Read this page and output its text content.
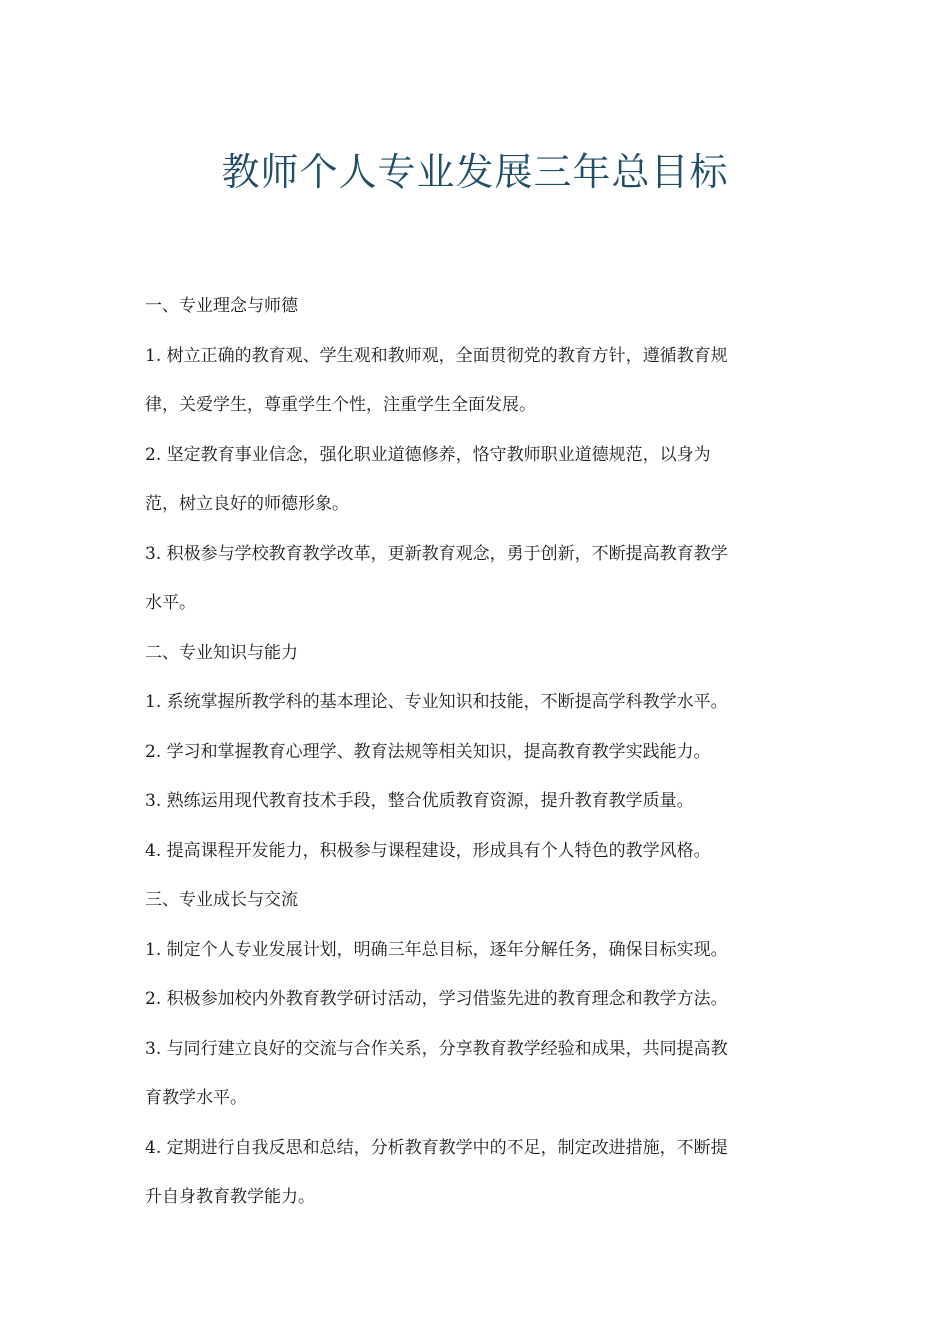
教师个人专业发展三年总目标

一、专业理念与师德

1. 树立正确的教育观、学生观和教师观，全面贯彻党的教育方针，遵循教育规

律，关爱学生，尊重学生个性，注重学生全面发展。

2. 坚定教育事业信念，强化职业道德修养，恪守教师职业道德规范，以身为

范，树立良好的师德形象。

3. 积极参与学校教育教学改革，更新教育观念，勇于创新，不断提高教育教学

水平。

二、专业知识与能力

1. 系统掌握所教学科的基本理论、专业知识和技能，不断提高学科教学水平。

2. 学习和掌握教育心理学、教育法规等相关知识，提高教育教学实践能力。

3. 熟练运用现代教育技术手段，整合优质教育资源，提升教育教学质量。

4. 提高课程开发能力，积极参与课程建设，形成具有个人特色的教学风格。

三、专业成长与交流

1. 制定个人专业发展计划，明确三年总目标，逐年分解任务，确保目标实现。

2. 积极参加校内外教育教学研讨活动，学习借鉴先进的教育理念和教学方法。

3. 与同行建立良好的交流与合作关系，分享教育教学经验和成果，共同提高教

育教学水平。

4. 定期进行自我反思和总结，分析教育教学中的不足，制定改进措施，不断提

升自身教育教学能力。
